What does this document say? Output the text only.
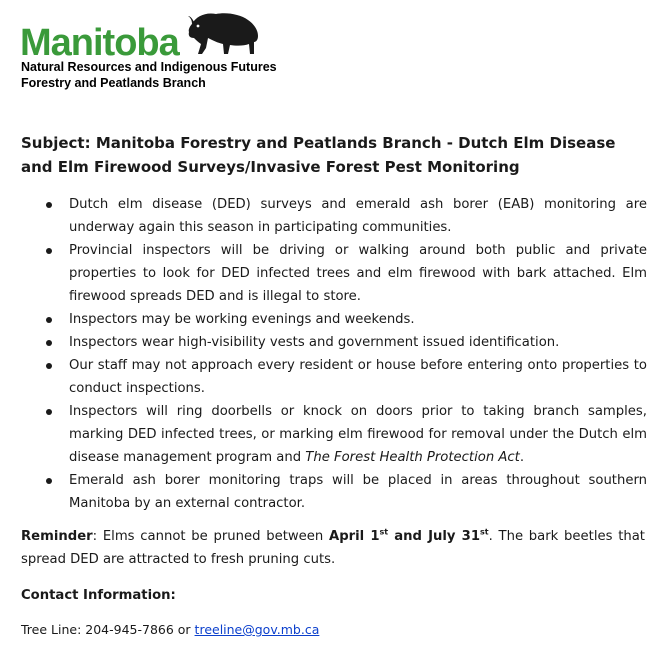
Manitoba
Natural Resources and Indigenous Futures
Forestry and Peatlands Branch
Subject: Manitoba Forestry and Peatlands Branch - Dutch Elm Disease and Elm Firewood Surveys/Invasive Forest Pest Monitoring
Dutch elm disease (DED) surveys and emerald ash borer (EAB) monitoring are underway again this season in participating communities.
Provincial inspectors will be driving or walking around both public and private properties to look for DED infected trees and elm firewood with bark attached. Elm firewood spreads DED and is illegal to store.
Inspectors may be working evenings and weekends.
Inspectors wear high-visibility vests and government issued identification.
Our staff may not approach every resident or house before entering onto properties to conduct inspections.
Inspectors will ring doorbells or knock on doors prior to taking branch samples, marking DED infected trees, or marking elm firewood for removal under the Dutch elm disease management program and The Forest Health Protection Act.
Emerald ash borer monitoring traps will be placed in areas throughout southern Manitoba by an external contractor.
Reminder: Elms cannot be pruned between April 1st and July 31st. The bark beetles that spread DED are attracted to fresh pruning cuts.
Contact Information:
Tree Line: 204-945-7866 or treeline@gov.mb.ca
